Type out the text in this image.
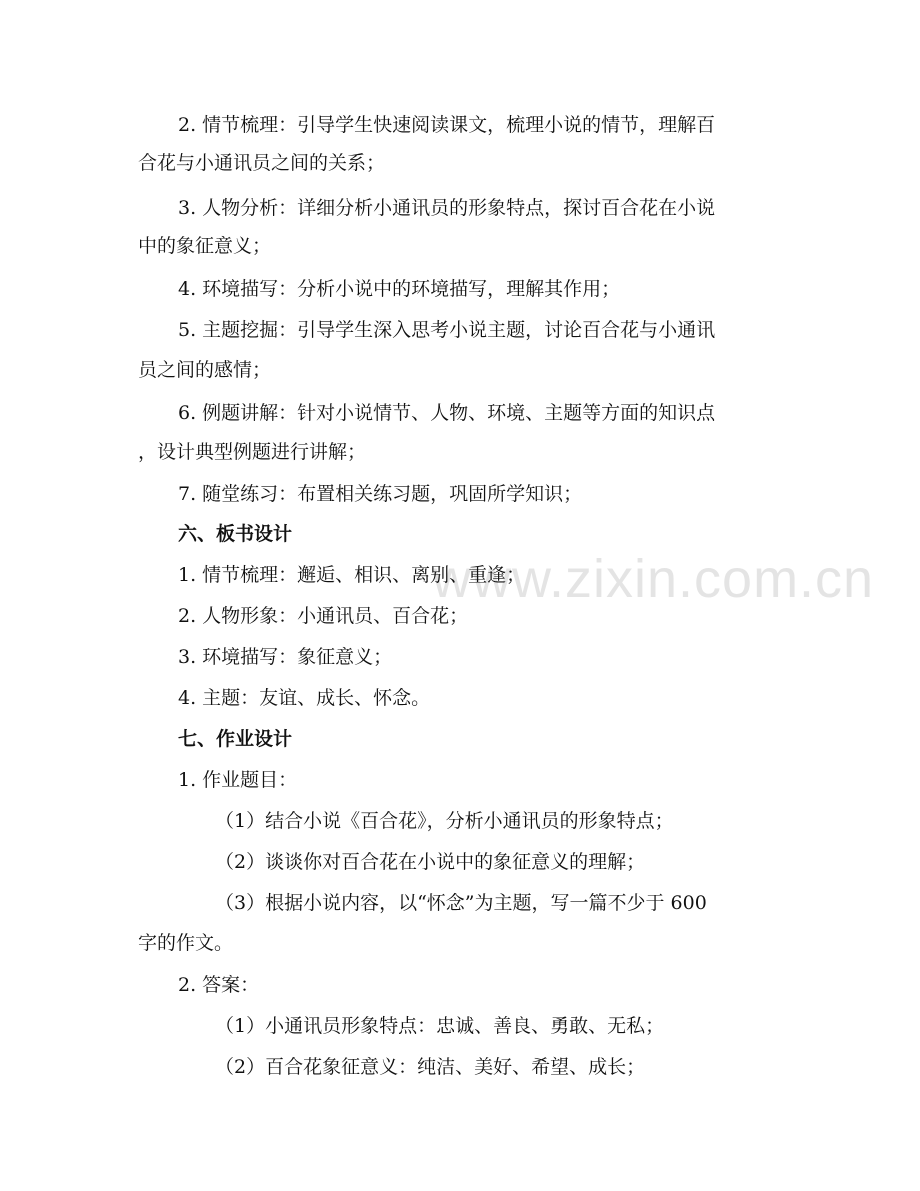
www.zixin.com.cn
2. 情节梳理：引导学生快速阅读课文，梳理小说的情节，理解百
合花与小通讯员之间的关系；
3. 人物分析：详细分析小通讯员的形象特点，探讨百合花在小说
中的象征意义；
4. 环境描写：分析小说中的环境描写，理解其作用；
5. 主题挖掘：引导学生深入思考小说主题，讨论百合花与小通讯
员之间的感情；
6. 例题讲解：针对小说情节、人物、环境、主题等方面的知识点
，设计典型例题进行讲解；
7. 随堂练习：布置相关练习题，巩固所学知识；
六、板书设计
1. 情节梳理：邂逅、相识、离别、重逢；
2. 人物形象：小通讯员、百合花；
3. 环境描写：象征意义；
4. 主题：友谊、成长、怀念。
七、作业设计
1. 作业题目：
（1）结合小说《百合花》，分析小通讯员的形象特点；
（2）谈谈你对百合花在小说中的象征意义的理解；
（3）根据小说内容，以“怀念”为主题，写一篇不少于 600
字的作文。
2. 答案：
（1）小通讯员形象特点：忠诚、善良、勇敢、无私；
（2）百合花象征意义：纯洁、美好、希望、成长；
